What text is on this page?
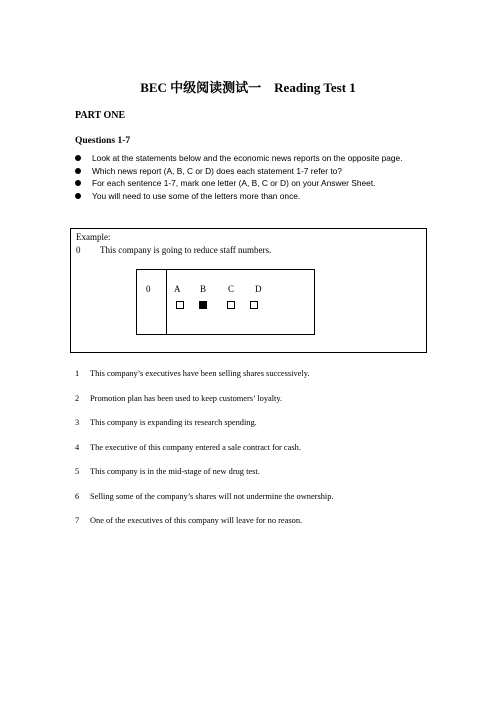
BEC 中级阅读测试一　Reading Test 1
PART ONE
Questions 1-7
Look at the statements below and the economic news reports on the opposite page.
Which news report (A, B, C or D) does each statement 1-7 refer to?
For each sentence 1-7, mark one letter (A, B, C or D) on your Answer Sheet.
You will need to use some of the letters more than once.
Example:
0 This company is going to reduce staff numbers.
0	A B C D
1 This company’s executives have been selling shares successively.
2 Promotion plan has been used to keep customers’ loyalty.
3 This company is expanding its research spending.
4 The executive of this company entered a sale contract for cash.
5 This company is in the mid-stage of new drug test.
6 Selling some of the company’s shares will not undermine the ownership.
7 One of the executives of this company will leave for no reason.
